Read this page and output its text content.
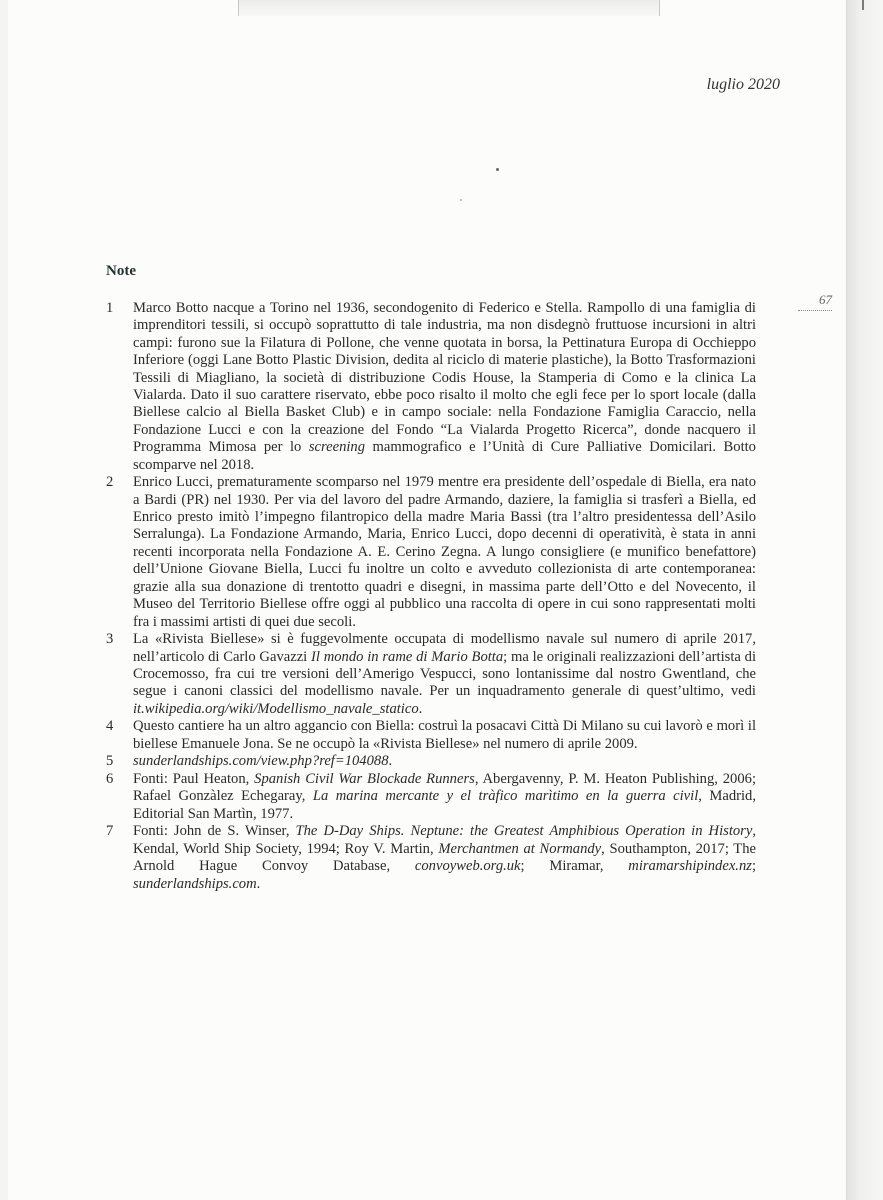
luglio 2020
67
Note
1 Marco Botto nacque a Torino nel 1936, secondogenito di Federico e Stella. Rampollo di una famiglia di imprenditori tessili, si occupò soprattutto di tale industria, ma non disdegnò fruttuose incursioni in altri campi: furono sue la Filatura di Pollone, che venne quotata in borsa, la Pettinatura Europa di Occhieppo Inferiore (oggi Lane Botto Plastic Division, dedita al riciclo di materie plastiche), la Botto Trasformazioni Tessili di Miagliano, la società di distribuzione Codis House, la Stamperia di Como e la clinica La Vialarda. Dato il suo carattere riservato, ebbe poco risalto il molto che egli fece per lo sport locale (dalla Biellese calcio al Biella Basket Club) e in campo sociale: nella Fondazione Famiglia Caraccio, nella Fondazione Lucci e con la creazione del Fondo “La Vialarda Progetto Ricerca”, donde nacquero il Programma Mimosa per lo screening mammografico e l’Unità di Cure Palliative Domicilari. Botto scomparve nel 2018.
2 Enrico Lucci, prematuramente scomparso nel 1979 mentre era presidente dell’ospedale di Biella, era nato a Bardi (PR) nel 1930. Per via del lavoro del padre Armando, daziere, la famiglia si trasferì a Biella, ed Enrico presto imitò l’impegno filantropico della madre Maria Bassi (tra l’altro presidentessa dell’Asilo Serralunga). La Fondazione Armando, Maria, Enrico Lucci, dopo decenni di operatività, è stata in anni recenti incorporata nella Fondazione A. E. Cerino Zegna. A lungo consigliere (e munifico benefattore) dell’Unione Giovane Biella, Lucci fu inoltre un colto e avveduto collezionista di arte contemporanea: grazie alla sua donazione di trentotto quadri e disegni, in massima parte dell’Otto e del Novecento, il Museo del Territorio Biellese offre oggi al pubblico una raccolta di opere in cui sono rappresentati molti fra i massimi artisti di quei due secoli.
3 La «Rivista Biellese» si è fuggevolmente occupata di modellismo navale sul numero di aprile 2017, nell’articolo di Carlo Gavazzi Il mondo in rame di Mario Botta; ma le originali realizzazioni dell’artista di Crocemosso, fra cui tre versioni dell’Amerigo Vespucci, sono lontanissime dal nostro Gwentland, che segue i canoni classici del modellismo navale. Per un inquadramento generale di quest’ultimo, vedi it.wikipedia.org/wiki/Modellismo_navale_statico.
4 Questo cantiere ha un altro aggancio con Biella: costruì la posacavi Città Di Milano su cui lavorò e morì il biellese Emanuele Jona. Se ne occupò la «Rivista Biellese» nel numero di aprile 2009.
5 sunderlandships.com/view.php?ref=104088.
6 Fonti: Paul Heaton, Spanish Civil War Blockade Runners, Abergavenny, P. M. Heaton Publishing, 2006; Rafael Gonzàlez Echegaray, La marina mercante y el tràfico marìtimo en la guerra civil, Madrid, Editorial San Martìn, 1977.
7 Fonti: John de S. Winser, The D-Day Ships. Neptune: the Greatest Amphibious Operation in History, Kendal, World Ship Society, 1994; Roy V. Martin, Merchantmen at Normandy, Southampton, 2017; The Arnold Hague Convoy Database, convoyweb.org.uk; Miramar, miramarshipindex.nz; sunderlandships.com.
